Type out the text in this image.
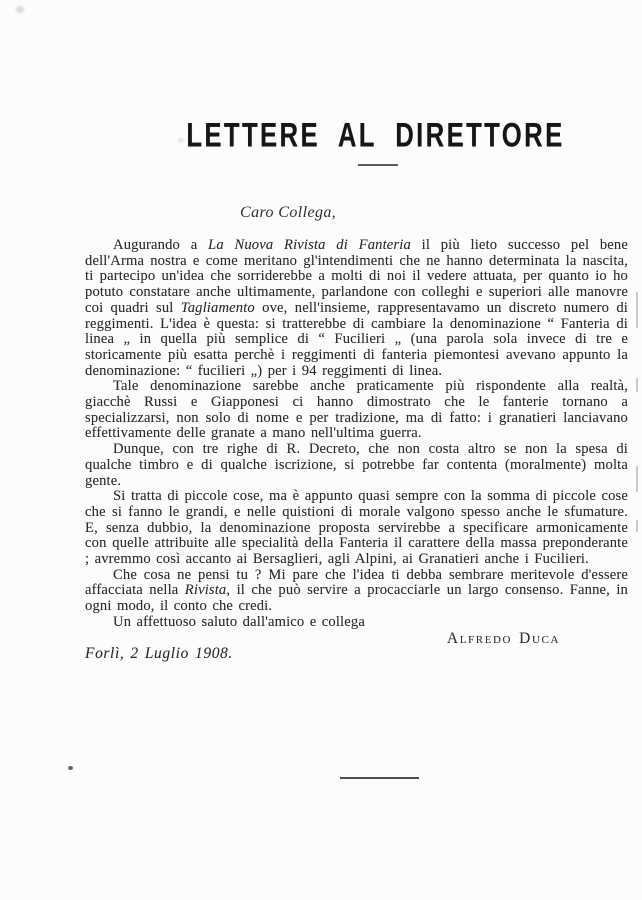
LETTERE AL DIRETTORE
Caro Collega,

Augurando a La Nuova Rivista di Fanteria il più lieto successo pel bene dell'Arma nostra e come meritano gl'intendimenti che ne hanno determinata la nascita, ti partecipo un'idea che sorriderebbe a molti di noi il vedere attuata, per quanto io ho potuto constatare anche ultimamente, parlandone con colleghi e superiori alle manovre coi quadri sul Tagliamento ove, nell'insieme, rappresentavamo un discreto numero di reggimenti. L'idea è questa: si tratterebbe di cambiare la denominazione “ Fanteria di linea „ in quella più semplice di “ Fucilieri „ (una parola sola invece di tre e storicamente più esatta perchè i reggimenti di fanteria piemontesi avevano appunto la denominazione: “ fucilieri „) per i 94 reggimenti di linea.

Tale denominazione sarebbe anche praticamente più rispondente alla realtà, giacchè Russi e Giapponesi ci hanno dimostrato che le fanterie tornano a specializzarsi, non solo di nome e per tradizione, ma di fatto: i granatieri lanciavano effettivamente delle granate a mano nell'ultima guerra.

Dunque, con tre righe di R. Decreto, che non costa altro se non la spesa di qualche timbro e di qualche iscrizione, si potrebbe far contenta (moralmente) molta gente.

Si tratta di piccole cose, ma è appunto quasi sempre con la somma di piccole cose che si fanno le grandi, e nelle quistioni di morale valgono spesso anche le sfumature. E, senza dubbio, la denominazione proposta servirebbe a specificare armonicamente con quelle attribuite alle specialità della Fanteria il carattere della massa preponderante ; avremmo così accanto ai Bersaglieri, agli Alpini, ai Granatieri anche i Fucilieri.

Che cosa ne pensi tu ? Mi pare che l'idea ti debba sembrare meritevole d'essere affacciata nella Rivista, il che può servire a procacciarle un largo consenso. Fanne, in ogni modo, il conto che credi.

Un affettuoso saluto dall'amico e collega

Alfredo Duca

Forlì, 2 Luglio 1908.
